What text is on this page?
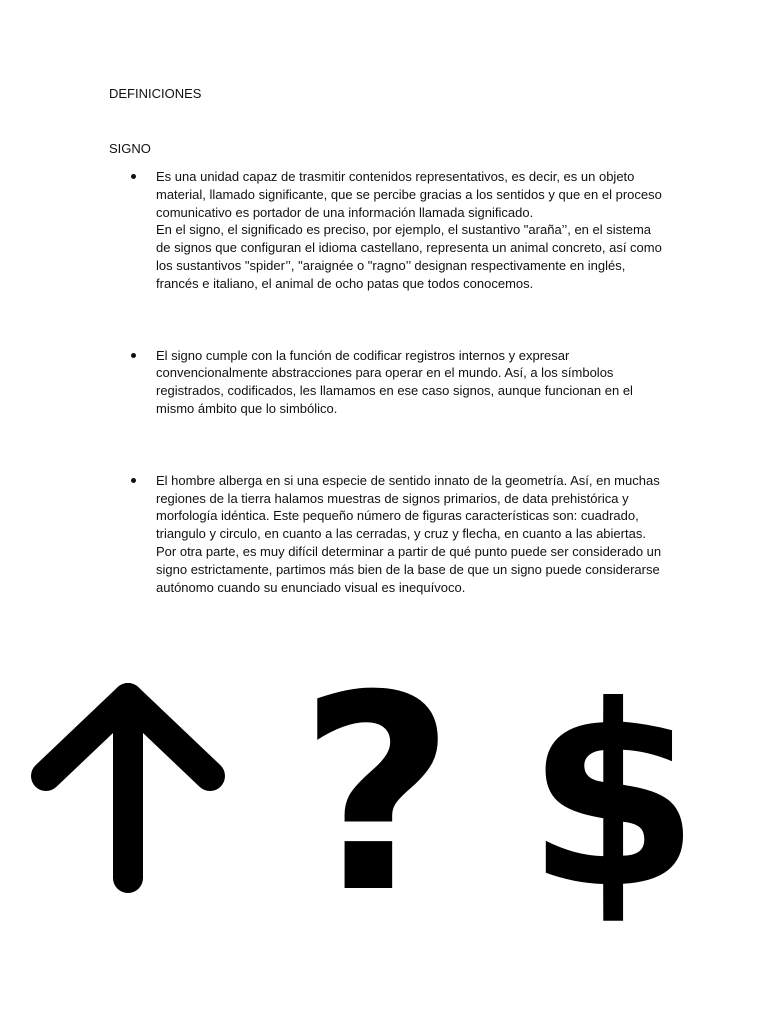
DEFINICIONES
SIGNO

Es una unidad capaz de trasmitir contenidos representativos, es decir, es un objeto material, llamado significante, que se percibe gracias a los sentidos y que en el proceso comunicativo es portador de una información llamada significado.

En el signo, el significado es preciso, por ejemplo, el sustantivo "araña’’, en el sistema de signos que configuran el idioma castellano, representa un animal concreto, así como los sustantivos "spider’’, "araignée o "ragno’’ designan respectivamente en inglés, francés e italiano, el animal de ocho patas que todos conocemos.

El signo cumple con la función de codificar registros internos y expresar convencionalmente abstracciones para operar en el mundo. Así, a los símbolos registrados, codificados, les llamamos en ese caso signos, aunque funcionan en el mismo ámbito que lo simbólico.

El hombre alberga en si una especie de sentido innato de la geometría. Así, en muchas regiones de la tierra halamos muestras de signos primarios, de data prehistórica y morfología idéntica. Este pequeño número de figuras características son: cuadrado, triangulo y circulo, en cuanto a las cerradas, y cruz y flecha, en cuanto a las abiertas. Por otra parte, es muy difícil determinar a partir de qué punto puede ser considerado un signo estrictamente, partimos más bien de la base de que un signo puede considerarse autónomo cuando su enunciado visual es inequívoco.

? $
